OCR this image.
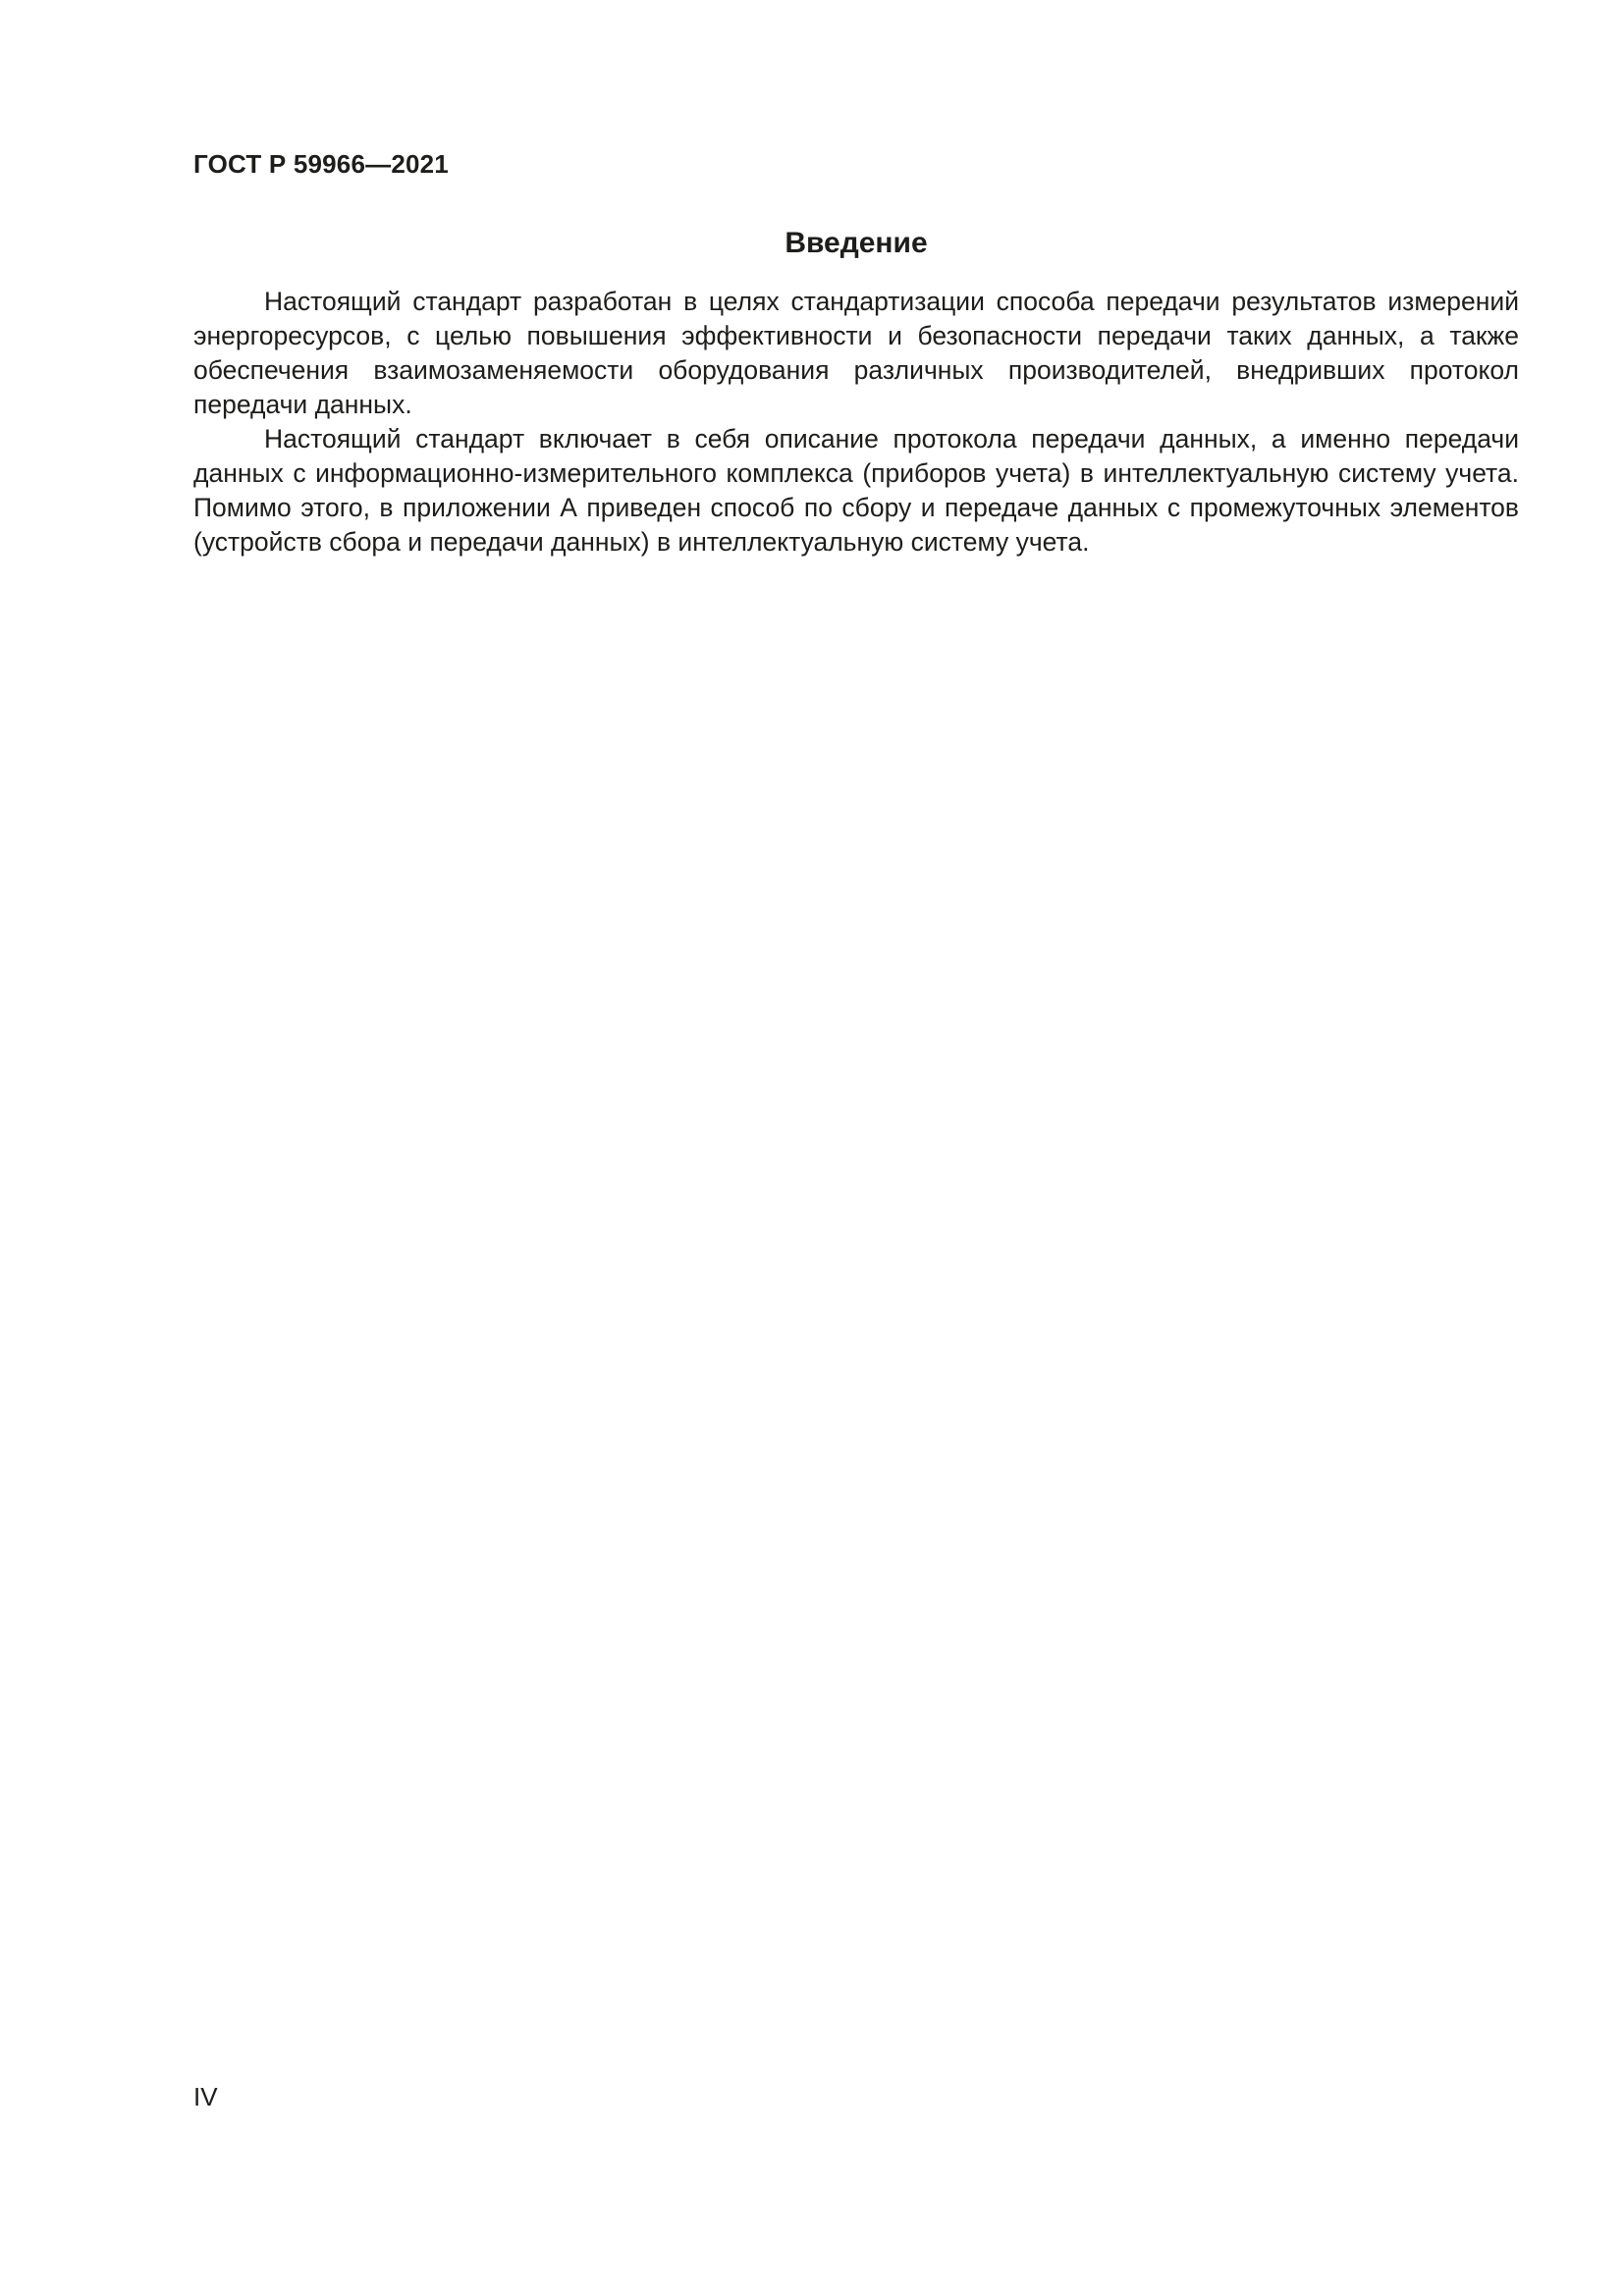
ГОСТ Р 59966—2021
Введение

Настоящий стандарт разработан в целях стандартизации способа передачи результатов измерений энергоресурсов, с целью повышения эффективности и безопасности передачи таких данных, а также обеспечения взаимозаменяемости оборудования различных производителей, внедривших протокол передачи данных.

Настоящий стандарт включает в себя описание протокола передачи данных, а именно передачи данных с информационно-измерительного комплекса (приборов учета) в интеллектуальную систему учета. Помимо этого, в приложении А приведен способ по сбору и передаче данных с промежуточных элементов (устройств сбора и передачи данных) в интеллектуальную систему учета.

IV
